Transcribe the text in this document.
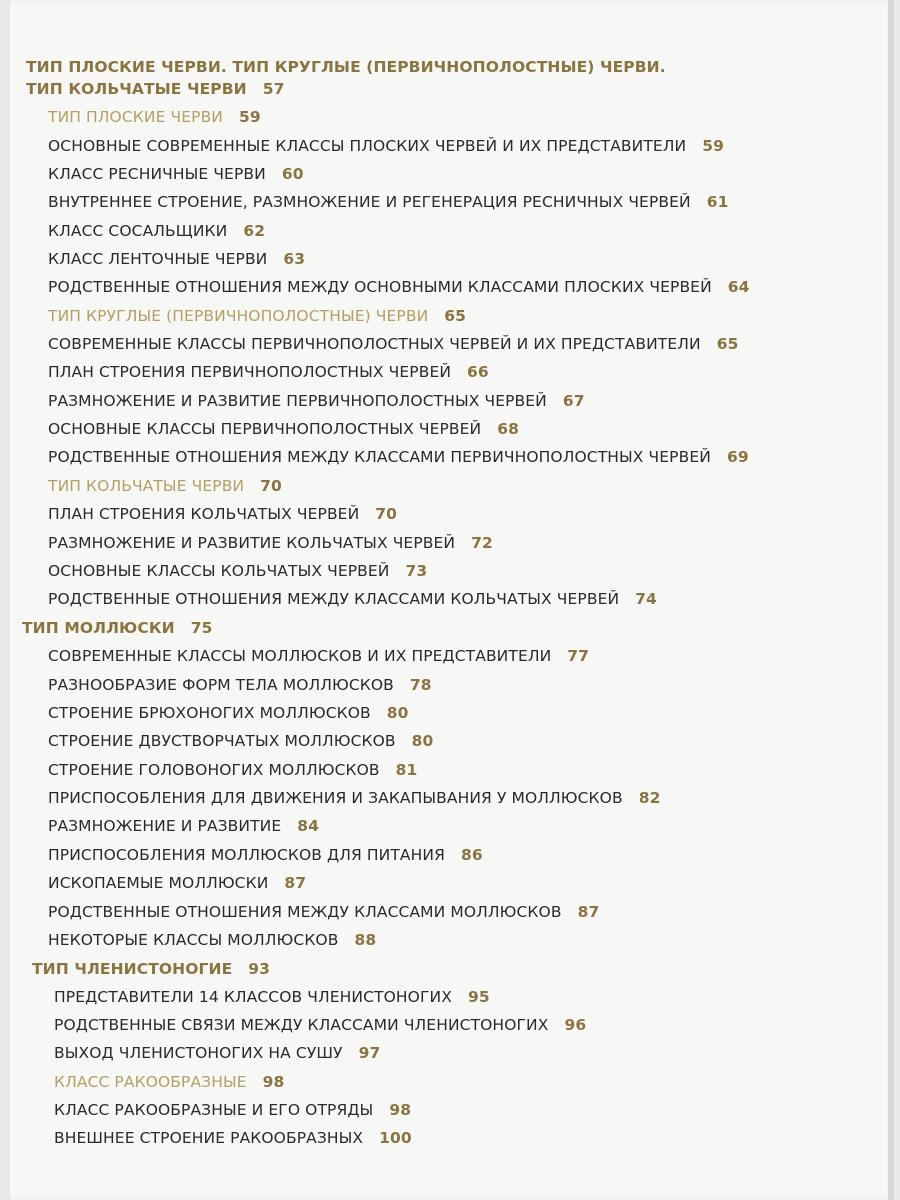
ТИП ПЛОСКИЕ ЧЕРВИ. ТИП КРУГЛЫЕ (ПЕРВИЧНОПОЛОСТНЫЕ) ЧЕРВИ.
ТИП КОЛЬЧАТЫЕ ЧЕРВИ 57
ТИП ПЛОСКИЕ ЧЕРВИ 59
ОСНОВНЫЕ СОВРЕМЕННЫЕ КЛАССЫ ПЛОСКИХ ЧЕРВЕЙ И ИХ ПРЕДСТАВИТЕЛИ 59
КЛАСС РЕСНИЧНЫЕ ЧЕРВИ 60
ВНУТРЕННЕЕ СТРОЕНИЕ, РАЗМНОЖЕНИЕ И РЕГЕНЕРАЦИЯ РЕСНИЧНЫХ ЧЕРВЕЙ 61
КЛАСС СОСАЛЬЩИКИ 62
КЛАСС ЛЕНТОЧНЫЕ ЧЕРВИ 63
РОДСТВЕННЫЕ ОТНОШЕНИЯ МЕЖДУ ОСНОВНЫМИ КЛАССАМИ ПЛОСКИХ ЧЕРВЕЙ 64
ТИП КРУГЛЫЕ (ПЕРВИЧНОПОЛОСТНЫЕ) ЧЕРВИ 65
СОВРЕМЕННЫЕ КЛАССЫ ПЕРВИЧНОПОЛОСТНЫХ ЧЕРВЕЙ И ИХ ПРЕДСТАВИТЕЛИ 65
ПЛАН СТРОЕНИЯ ПЕРВИЧНОПОЛОСТНЫХ ЧЕРВЕЙ 66
РАЗМНОЖЕНИЕ И РАЗВИТИЕ ПЕРВИЧНОПОЛОСТНЫХ ЧЕРВЕЙ 67
ОСНОВНЫЕ КЛАССЫ ПЕРВИЧНОПОЛОСТНЫХ ЧЕРВЕЙ 68
РОДСТВЕННЫЕ ОТНОШЕНИЯ МЕЖДУ КЛАССАМИ ПЕРВИЧНОПОЛОСТНЫХ ЧЕРВЕЙ 69
ТИП КОЛЬЧАТЫЕ ЧЕРВИ 70
ПЛАН СТРОЕНИЯ КОЛЬЧАТЫХ ЧЕРВЕЙ 70
РАЗМНОЖЕНИЕ И РАЗВИТИЕ КОЛЬЧАТЫХ ЧЕРВЕЙ 72
ОСНОВНЫЕ КЛАССЫ КОЛЬЧАТЫХ ЧЕРВЕЙ 73
РОДСТВЕННЫЕ ОТНОШЕНИЯ МЕЖДУ КЛАССАМИ КОЛЬЧАТЫХ ЧЕРВЕЙ 74
ТИП МОЛЛЮСКИ 75
СОВРЕМЕННЫЕ КЛАССЫ МОЛЛЮСКОВ И ИХ ПРЕДСТАВИТЕЛИ 77
РАЗНООБРАЗИЕ ФОРМ ТЕЛА МОЛЛЮСКОВ 78
СТРОЕНИЕ БРЮХОНОГИХ МОЛЛЮСКОВ 80
СТРОЕНИЕ ДВУСТВОРЧАТЫХ МОЛЛЮСКОВ 80
СТРОЕНИЕ ГОЛОВОНОГИХ МОЛЛЮСКОВ 81
ПРИСПОСОБЛЕНИЯ ДЛЯ ДВИЖЕНИЯ И ЗАКАПЫВАНИЯ У МОЛЛЮСКОВ 82
РАЗМНОЖЕНИЕ И РАЗВИТИЕ 84
ПРИСПОСОБЛЕНИЯ МОЛЛЮСКОВ ДЛЯ ПИТАНИЯ 86
ИСКОПАЕМЫЕ МОЛЛЮСКИ 87
РОДСТВЕННЫЕ ОТНОШЕНИЯ МЕЖДУ КЛАССАМИ МОЛЛЮСКОВ 87
НЕКОТОРЫЕ КЛАССЫ МОЛЛЮСКОВ 88
ТИП ЧЛЕНИСТОНОГИЕ 93
ПРЕДСТАВИТЕЛИ 14 КЛАССОВ ЧЛЕНИСТОНОГИХ 95
РОДСТВЕННЫЕ СВЯЗИ МЕЖДУ КЛАССАМИ ЧЛЕНИСТОНОГИХ 96
ВЫХОД ЧЛЕНИСТОНОГИХ НА СУШУ 97
КЛАСС РАКООБРАЗНЫЕ 98
КЛАСС РАКООБРАЗНЫЕ И ЕГО ОТРЯДЫ 98
ВНЕШНЕЕ СТРОЕНИЕ РАКООБРАЗНЫХ 100
